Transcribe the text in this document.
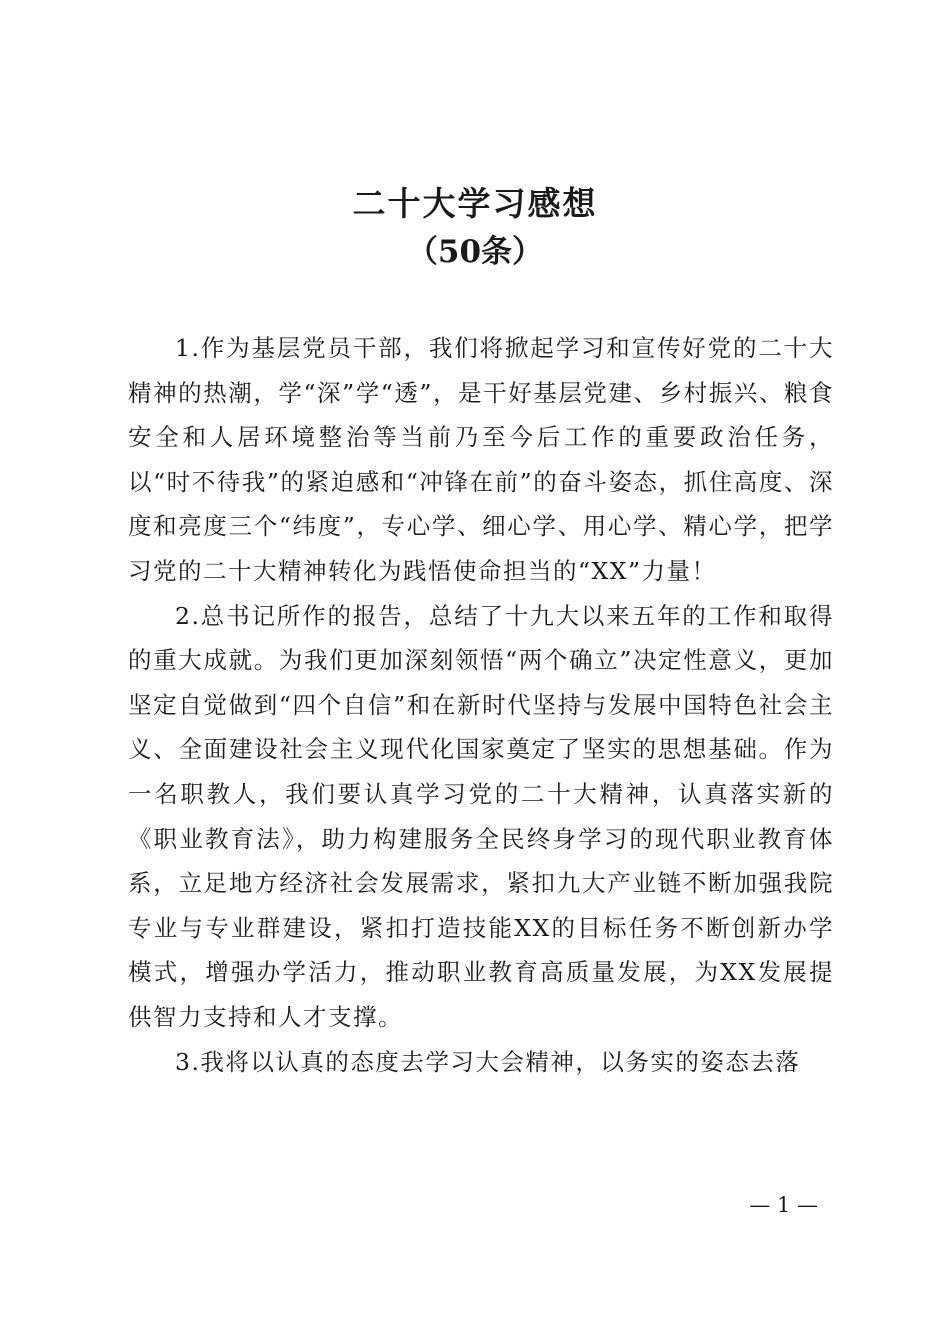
二十大学习感想
（50条）

1.作为基层党员干部，我们将掀起学习和宣传好党的二十大精神的热潮，学“深”学“透”，是干好基层党建、乡村振兴、粮食安全和人居环境整治等当前乃至今后工作的重要政治任务，以“时不待我”的紧迫感和“冲锋在前”的奋斗姿态，抓住高度、深度和亮度三个“纬度”，专心学、细心学、用心学、精心学，把学习党的二十大精神转化为践悟使命担当的“XX”力量！

2.总书记所作的报告，总结了十九大以来五年的工作和取得的重大成就。为我们更加深刻领悟“两个确立”决定性意义，更加坚定自觉做到“四个自信”和在新时代坚持与发展中国特色社会主义、全面建设社会主义现代化国家奠定了坚实的思想基础。作为一名职教人，我们要认真学习党的二十大精神，认真落实新的《职业教育法》，助力构建服务全民终身学习的现代职业教育体系，立足地方经济社会发展需求，紧扣九大产业链不断加强我院专业与专业群建设，紧扣打造技能XX的目标任务不断创新办学模式，增强办学活力，推动职业教育高质量发展，为XX发展提供智力支持和人才支撑。

3.我将以认真的态度去学习大会精神，以务实的姿态去落

— 1 —
